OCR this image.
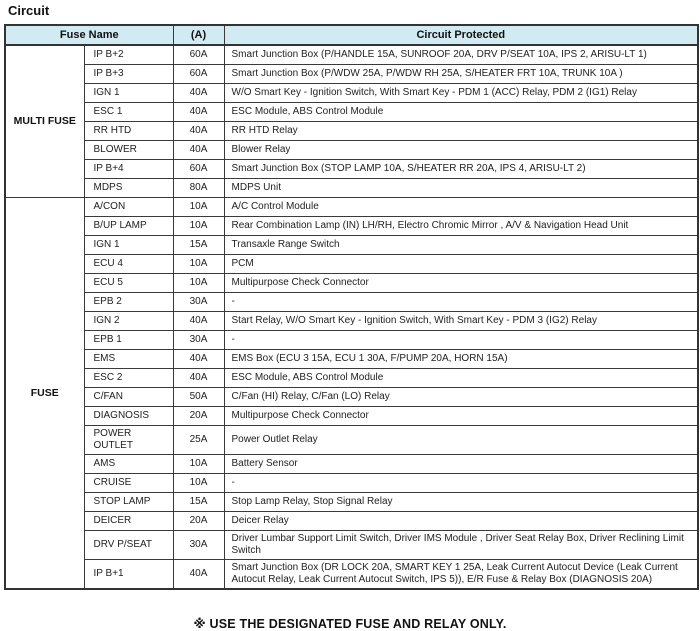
Circuit
Fuse Name		(A)	Circuit Protected
MULTI FUSE	IP B+2	60A	Smart Junction Box (P/HANDLE 15A, SUNROOF 20A, DRV P/SEAT 10A, IPS 2, ARISU-LT 1)
	IP B+3	60A	Smart Junction Box (P/WDW 25A, P/WDW RH 25A, S/HEATER FRT 10A, TRUNK 10A )
	IGN 1	40A	W/O Smart Key - Ignition Switch, With Smart Key - PDM 1 (ACC) Relay, PDM 2 (IG1) Relay
	ESC 1	40A	ESC Module, ABS Control Module
	RR HTD	40A	RR HTD Relay
	BLOWER	40A	Blower Relay
	IP B+4	60A	Smart Junction Box (STOP LAMP 10A, S/HEATER RR 20A, IPS 4, ARISU-LT 2)
	MDPS	80A	MDPS Unit
FUSE	A/CON	10A	A/C Control Module
	B/UP LAMP	10A	Rear Combination Lamp (IN) LH/RH, Electro Chromic Mirror , A/V & Navigation Head Unit
	IGN 1	15A	Transaxle Range Switch
	ECU 4	10A	PCM
	ECU 5	10A	Multipurpose Check Connector
	EPB 2	30A	-
	IGN 2	40A	Start Relay, W/O Smart Key - Ignition Switch, With Smart Key - PDM 3 (IG2) Relay
	EPB 1	30A	-
	EMS	40A	EMS Box (ECU 3 15A, ECU 1 30A, F/PUMP 20A, HORN 15A)
	ESC 2	40A	ESC Module, ABS Control Module
	C/FAN	50A	C/Fan (HI) Relay, C/Fan (LO) Relay
	DIAGNOSIS	20A	Multipurpose Check Connector
	POWER OUTLET	25A	Power Outlet Relay
	AMS	10A	Battery Sensor
	CRUISE	10A	-
	STOP LAMP	15A	Stop Lamp Relay, Stop Signal Relay
	DEICER	20A	Deicer Relay
	DRV P/SEAT	30A	Driver Lumbar Support Limit Switch, Driver IMS Module , Driver Seat Relay Box, Driver Reclining Limit Switch
	IP B+1	40A	Smart Junction Box (DR LOCK 20A, SMART KEY 1 25A, Leak Current Autocut Device (Leak Current Autocut Relay, Leak Current Autocut Switch, IPS 5)), E/R Fuse & Relay Box (DIAGNOSIS 20A)
※ USE THE DESIGNATED FUSE AND RELAY ONLY.
